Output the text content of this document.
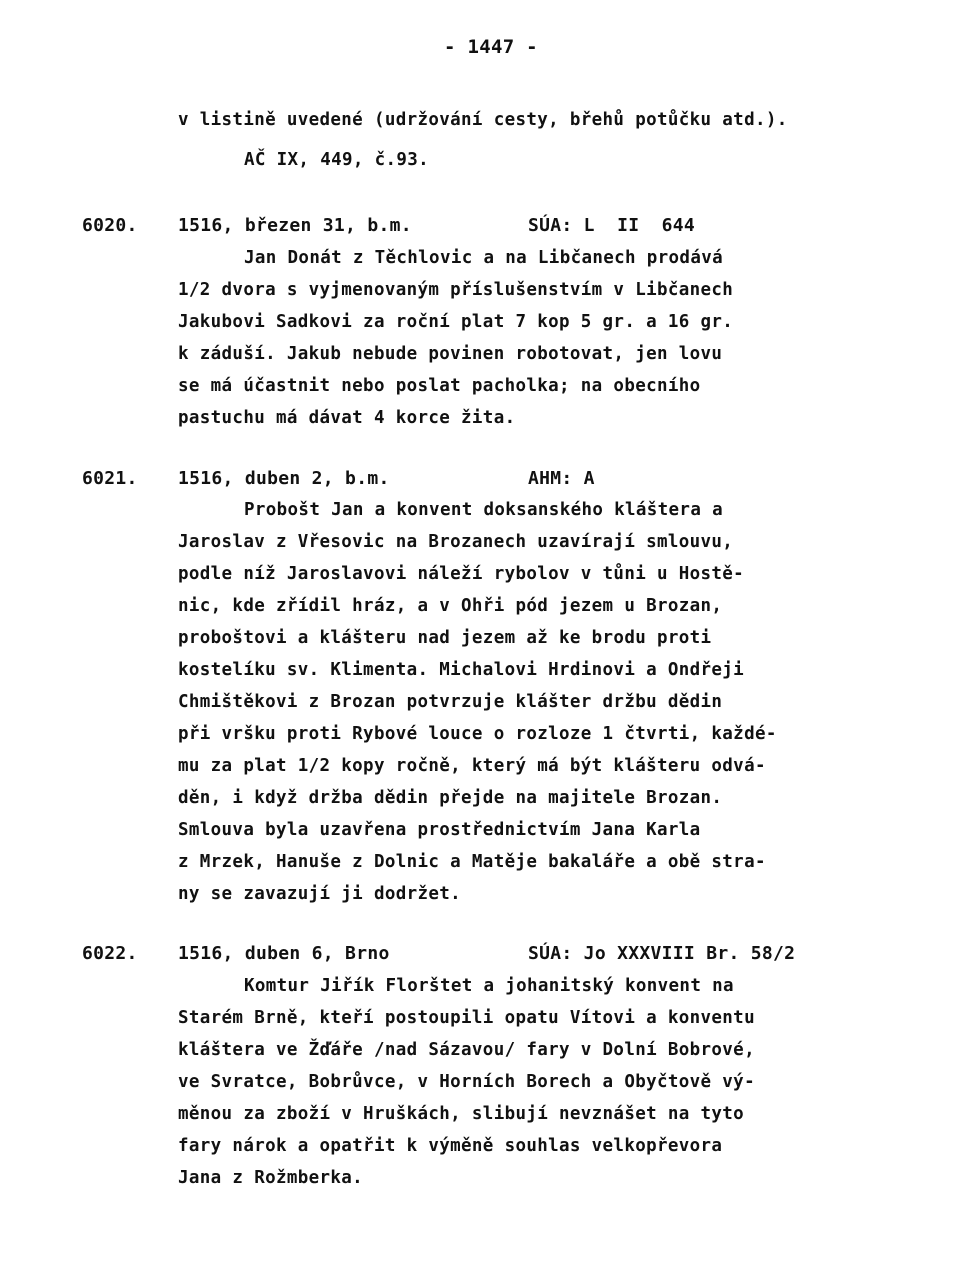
- 1447 -
v listině uvedené (udržování cesty, břehů potůčku atd.).
AČ IX, 449, č.93.
6020. 1516, březen 31, b.m.	SÚA: L  II  644
Jan Donát z Těchlovic a na Libčanech prodává
1/2 dvora s vyjmenovaným příslušenstvím v Libčanech
Jakubovi Sadkovi za roční plat 7 kop 5 gr. a 16 gr.
k záduší. Jakub nebude povinen robotovat, jen lovu
se má účastnit nebo poslat pacholka; na obecního
pastuchu má dávat 4 korce žita.
6021. 1516, duben 2, b.m.	AHM: A
Probošt Jan a konvent doksanského kláštera a
Jaroslav z Vřesovic na Brozanech uzavírají smlouvu,
podle níž Jaroslavovi náleží rybolov v tůni u Hostě-
nic, kde zřídil hráz, a v Ohři pód jezem u Brozan,
proboštovi a klášteru nad jezem až ke brodu proti
kostelíku sv. Klimenta. Michalovi Hrdinovi a Ondřeji
Chmištěkovi z Brozan potvrzuje klášter držbu dědin
při vršku proti Rybové louce o rozloze 1 čtvrti, každé-
mu za plat 1/2 kopy ročně, který má být klášteru odvá-
děn, i když držba dědin přejde na majitele Brozan.
Smlouva byla uzavřena prostřednictvím Jana Karla
z Mrzek, Hanuše z Dolnic a Matěje bakaláře a obě stra-
ny se zavazují ji dodržet.
6022. 1516, duben 6, Brno	SÚA: Jo XXXVIII Br. 58/2
Komtur Jiřík Florštet a johanitský konvent na
Starém Brně, kteří postoupili opatu Vítovi a konventu
kláštera ve Žďáře /nad Sázavou/ fary v Dolní Bobrové,
ve Svratce, Bobrůvce, v Horních Borech a Obyčtově vý-
měnou za zboží v Hruškách, slibují nevznášet na tyto
fary nárok a opatřit k výměně souhlas velkopřevora
Jana z Rožmberka.
